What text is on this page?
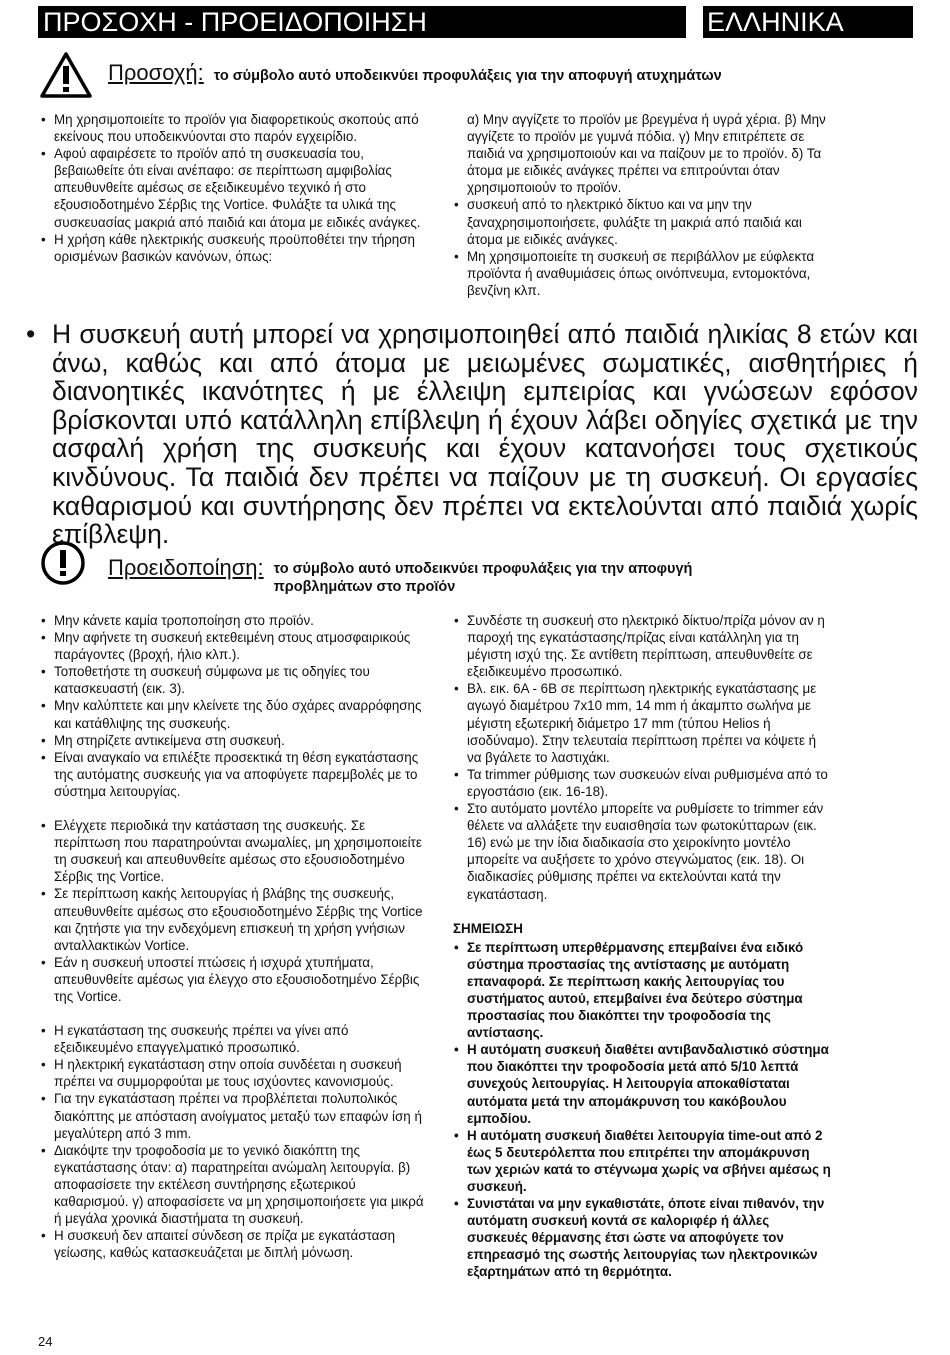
ΠΡΟΣΟΧΗ - ΠΡΟΕΙΔΟΠΟΙΗΣΗ	ΕΛΛΗΝΙΚΑ
Προσοχή: το σύμβολο αυτό υποδεικνύει προφυλάξεις για την αποφυγή ατυχημάτων
• Μη χρησιμοποιείτε το προϊόν για διαφορετικούς σκοπούς από εκείνους που υποδεικνύονται στο παρόν εγχειρίδιο.
• Αφού αφαιρέσετε το προϊόν από τη συσκευασία του, βεβαιωθείτε ότι είναι ανέπαφο: σε περίπτωση αμφιβολίας απευθυνθείτε αμέσως σε εξειδικευμένο τεχνικό ή στο εξουσιοδοτημένο Σέρβις της Vortice. Φυλάξτε τα υλικά της συσκευασίας μακριά από παιδιά και άτομα με ειδικές ανάγκες.
• Η χρήση κάθε ηλεκτρικής συσκευής προϋποθέτει την τήρηση ορισμένων βασικών κανόνων, όπως:
α) Μην αγγίζετε το προϊόν με βρεγμένα ή υγρά χέρια. β) Μην αγγίζετε το προϊόν με γυμνά πόδια. γ) Μην επιτρέπετε σε παιδιά να χρησιμοποιούν και να παίζουν με το προϊόν. δ) Τα άτομα με ειδικές ανάγκες πρέπει να επιτρούνται όταν χρησιμοποιούν το προϊόν.
• συσκευή από το ηλεκτρικό δίκτυο και να μην την ξαναχρησιμοποιήσετε, φυλάξτε τη μακριά από παιδιά και άτομα με ειδικές ανάγκες.
• Μη χρησιμοποιείτε τη συσκευή σε περιβάλλον με εύφλεκτα προϊόντα ή αναθυμιάσεις όπως οινόπνευμα, εντομοκτόνα, βενζίνη κλπ.
• Η συσκευή αυτή μπορεί να χρησιμοποιηθεί από παιδιά ηλικίας 8 ετών και άνω, καθώς και από άτομα με μειωμένες σωματικές, αισθητήριες ή διανοητικές ικανότητες ή με έλλειψη εμπειρίας και γνώσεων εφόσον βρίσκονται υπό κατάλληλη επίβλεψη ή έχουν λάβει οδηγίες σχετικά με την ασφαλή χρήση της συσκευής και έχουν κατανοήσει τους σχετικούς κινδύνους. Τα παιδιά δεν πρέπει να παίζουν με τη συσκευή. Οι εργασίες καθαρισμού και συντήρησης δεν πρέπει να εκτελούνται από παιδιά χωρίς επίβλεψη.

Προειδοποίηση: το σύμβολο αυτό υποδεικνύει προφυλάξεις για την αποφυγή προβλημάτων στο προϊόν
• Μην κάνετε καμία τροποποίηση στο προϊόν.
• Μην αφήνετε τη συσκευή εκτεθειμένη στους ατμοσφαιρικούς παράγοντες (βροχή, ήλιο κλπ.).
• Τοποθετήστε τη συσκευή σύμφωνα με τις οδηγίες του κατασκευαστή (εικ. 3).
• Μην καλύπτετε και μην κλείνετε της δύο σχάρες αναρρόφησης και κατάθλιψης της συσκευής.
• Μη στηρίζετε αντικείμενα στη συσκευή.
• Είναι αναγκαίο να επιλέξτε προσεκτικά τη θέση εγκατάστασης της αυτόματης συσκευής για να αποφύγετε παρεμβολές με το σύστημα λειτουργίας.
• Ελέγχετε περιοδικά την κατάσταση της συσκευής. Σε περίπτωση που παρατηρούνται ανωμαλίες, μη χρησιμοποιείτε τη συσκευή και απευθυνθείτε αμέσως στο εξουσιοδοτημένο Σέρβις της Vortice.
• Σε περίπτωση κακής λειτουργίας ή βλάβης της συσκευής, απευθυνθείτε αμέσως στο εξουσιοδοτημένο Σέρβις της Vortice και ζητήστε για την ενδεχόμενη επισκευή τη χρήση γνήσιων ανταλλακτικών Vortice.
• Εάν η συσκευή υποστεί πτώσεις ή ισχυρά χτυπήματα, απευθυνθείτε αμέσως για έλεγχο στο εξουσιοδοτημένο Σέρβις της Vortice.
• Η εγκατάσταση της συσκευής πρέπει να γίνει από εξειδικευμένο επαγγελματικό προσωπικό.
• Η ηλεκτρική εγκατάσταση στην οποία συνδέεται η συσκευή πρέπει να συμμορφούται με τους ισχύοντες κανονισμούς.
• Για την εγκατάσταση πρέπει να προβλέπεται πολυπολικός διακόπτης με απόσταση ανοίγματος μεταξύ των επαφών ίση ή μεγαλύτερη από 3 mm.
• Διακόψτε την τροφοδοσία με το γενικό διακόπτη της εγκατάστασης όταν: α) παρατηρείται ανώμαλη λειτουργία. β) αποφασίσετε την εκτέλεση συντήρησης εξωτερικού καθαρισμού. γ) αποφασίσετε να μη χρησιμοποιήσετε για μικρά ή μεγάλα χρονικά διαστήματα τη συσκευή.
• Η συσκευή δεν απαιτεί σύνδεση σε πρίζα με εγκατάσταση γείωσης, καθώς κατασκευάζεται με διπλή μόνωση.
• Συνδέστε τη συσκευή στο ηλεκτρικό δίκτυο/πρίζα μόνον αν η παροχή της εγκατάστασης/πρίζας είναι κατάλληλη για τη μέγιστη ισχύ της. Σε αντίθετη περίπτωση, απευθυνθείτε σε εξειδικευμένο προσωπικό.
• Βλ. εικ. 6A - 6B σε περίπτωση ηλεκτρικής εγκατάστασης με αγωγό διαμέτρου 7x10 mm, 14 mm ή άκαμπτο σωλήνα με μέγιστη εξωτερική διάμετρο 17 mm (τύπου Helios ή ισοδύναμο). Στην τελευταία περίπτωση πρέπει να κόψετε ή να βγάλετε το λαστιχάκι.
• Τα trimmer ρύθμισης των συσκευών είναι ρυθμισμένα από το εργοστάσιο (εικ. 16-18).
• Στο αυτόματο μοντέλο μπορείτε να ρυθμίσετε το trimmer εάν θέλετε να αλλάξετε την ευαισθησία των φωτοκύτταρων (εικ. 16) ενώ με την ίδια διαδικασία στο χειροκίνητο μοντέλο μπορείτε να αυξήσετε το χρόνο στεγνώματος (εικ. 18). Οι διαδικασίες ρύθμισης πρέπει να εκτελούνται κατά την εγκατάσταση.
ΣΗΜΕΙΩΣΗ
• Σε περίπτωση υπερθέρμανσης επεμβαίνει ένα ειδικό σύστημα προστασίας της αντίστασης με αυτόματη επαναφορά. Σε περίπτωση κακής λειτουργίας του συστήματος αυτού, επεμβαίνει ένα δεύτερο σύστημα προστασίας που διακόπτει την τροφοδοσία της αντίστασης.
• Η αυτόματη συσκευή διαθέτει αντιβανδαλιστικό σύστημα που διακόπτει την τροφοδοσία μετά από 5/10 λεπτά συνεχούς λειτουργίας. Η λειτουργία αποκαθίσταται αυτόματα μετά την απομάκρυνση του κακόβουλου εμποδίου.
• Η αυτόματη συσκευή διαθέτει λειτουργία time-out από 2 έως 5 δευτερόλεπτα που επιτρέπει την απομάκρυνση των χεριών κατά το στέγνωμα χωρίς να σβήνει αμέσως η συσκευή.
• Συνιστάται να μην εγκαθιστάτε, όποτε είναι πιθανόν, την αυτόματη συσκευή κοντά σε καλοριφέρ ή άλλες συσκευές θέρμανσης έτσι ώστε να αποφύγετε τον επηρεασμό της σωστής λειτουργίας των ηλεκτρονικών εξαρτημάτων από τη θερμότητα.
24
